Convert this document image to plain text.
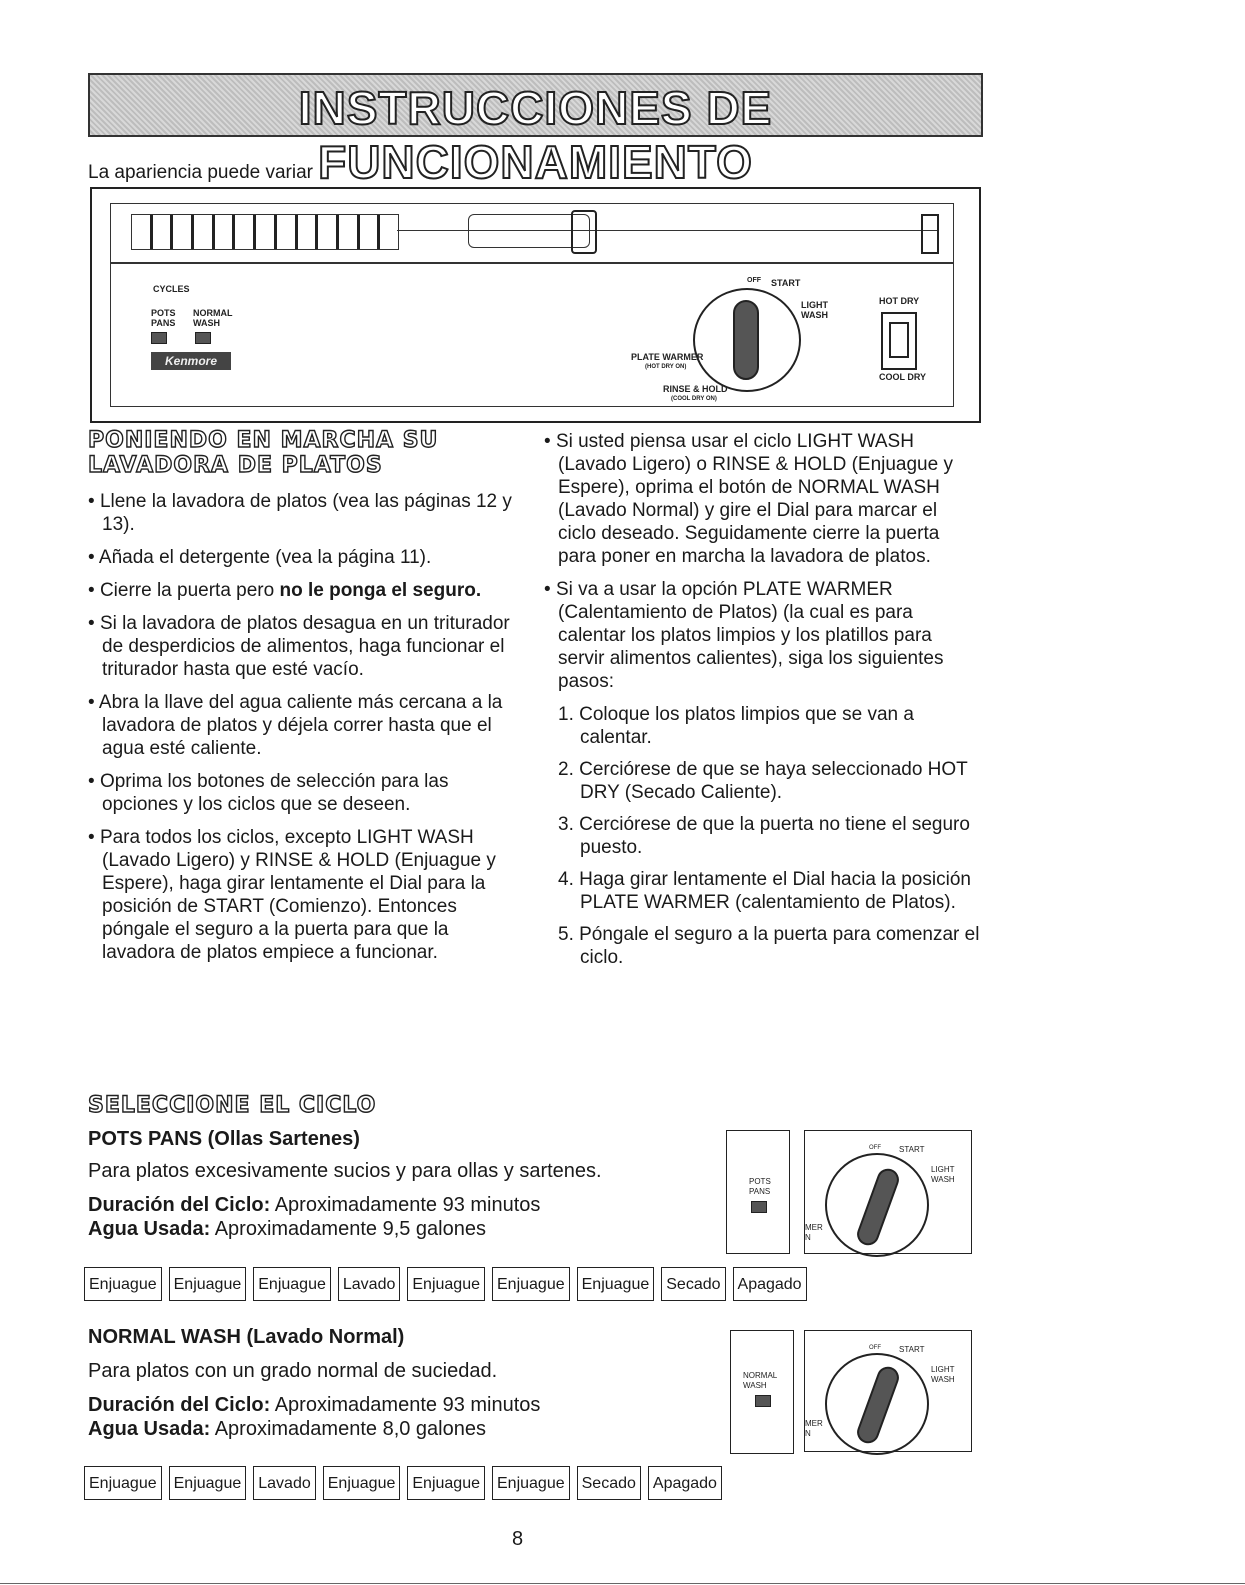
INSTRUCCIONES DE FUNCIONAMIENTO
La apariencia puede variar
CYCLES
POTS
PANS
NORMAL
WASH
Kenmore
OFF START
LIGHT
WASH
PLATE WARMER
(HOT DRY ON)
RINSE & HOLD
(COOL DRY ON)
HOT DRY
COOL DRY
PONIENDO EN MARCHA SU
LAVADORA DE PLATOS

• Llene la lavadora de platos (vea las páginas 12 y 13).

• Añada el detergente (vea la página 11).

• Cierre la puerta pero no le ponga el seguro.

• Si la lavadora de platos desagua en un triturador de desperdicios de alimentos, haga funcionar el triturador hasta que esté vacío.

• Abra la llave del agua caliente más cercana a la lavadora de platos y déjela correr hasta que el agua esté caliente.

• Oprima los botones de selección para las opciones y los ciclos que se deseen.

• Para todos los ciclos, excepto LIGHT WASH (Lavado Ligero) y RINSE & HOLD (Enjuague y Espere), haga girar lentamente el Dial para la posición de START (Comienzo). Entonces póngale el seguro a la puerta para que la lavadora de platos empiece a funcionar.

• Si usted piensa usar el ciclo LIGHT WASH (Lavado Ligero) o RINSE & HOLD (Enjuague y Espere), oprima el botón de NORMAL WASH (Lavado Normal) y gire el Dial para marcar el ciclo deseado. Seguidamente cierre la puerta para poner en marcha la lavadora de platos.

• Si va a usar la opción PLATE WARMER (Calentamiento de Platos) (la cual es para calentar los platos limpios y los platillos para servir alimentos calientes), siga los siguientes pasos:

1. Coloque los platos limpios que se van a calentar.

2. Cerciórese de que se haya seleccionado HOT DRY (Secado Caliente).

3. Cerciórese de que la puerta no tiene el seguro puesto.

4. Haga girar lentamente el Dial hacia la posición PLATE WARMER (calentamiento de Platos).

5. Póngale el seguro a la puerta para comenzar el ciclo.

SELECCIONE EL CICLO
POTS PANS (Ollas Sartenes)
Para platos excesivamente sucios y para ollas y sartenes.
Duración del Ciclo: Aproximadamente 93 minutos
Agua Usada: Aproximadamente 9,5 galones
POTS
PANS
OFF START
LIGHT
WASH
MER
N
Enjuague	Enjuague	Enjuague	Lavado	Enjuague	Enjuague	Enjuague	Secado	Apagado
NORMAL WASH (Lavado Normal)
Para platos con un grado normal de suciedad.
Duración del Ciclo: Aproximadamente 93 minutos
Agua Usada: Aproximadamente 8,0 galones
NORMAL
WASH
OFF START
LIGHT
WASH
MER
N
Enjuague	Enjuague	Lavado	Enjuague	Enjuague	Enjuague	Secado	Apagado
8
